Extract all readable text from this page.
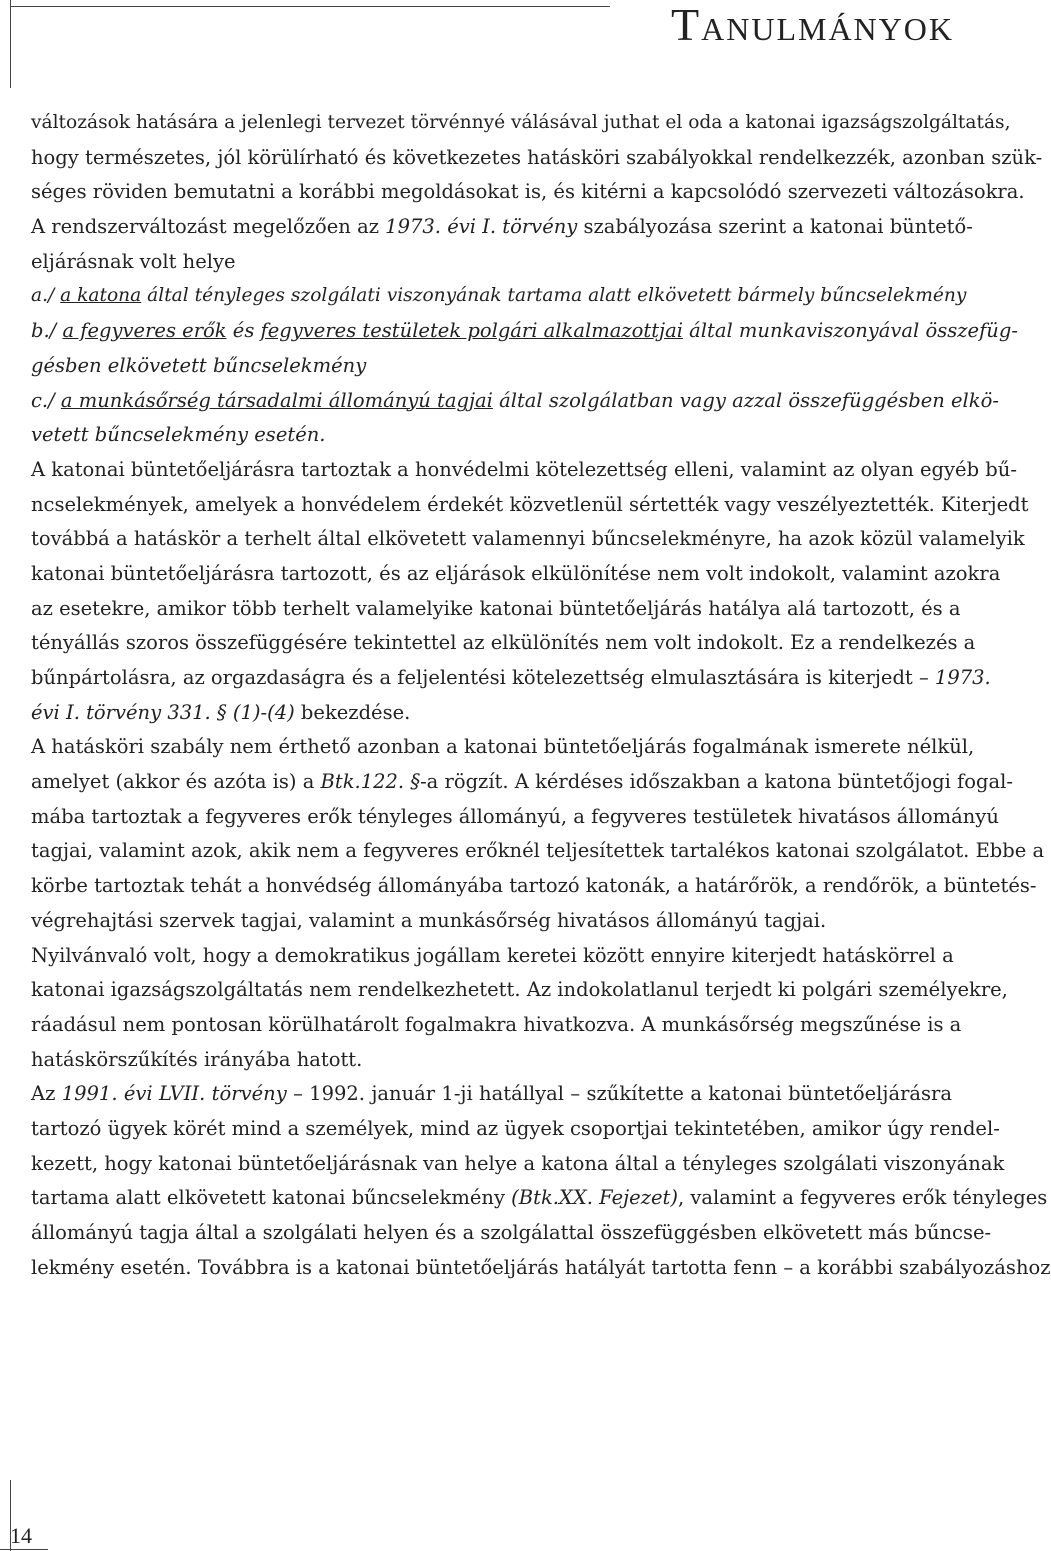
Tanulmányok
változások hatására a jelenlegi tervezet törvénnyé válásával juthat el oda a katonai igazságszolgáltatás,
hogy természetes, jól körülírható és következetes hatásköri szabályokkal rendelkezzék, azonban szük-
séges röviden bemutatni a korábbi megoldásokat is, és kitérni a kapcsolódó szervezeti változásokra.
A rendszerváltozást megelőzően az 1973. évi I. törvény szabályozása szerint a katonai büntető-
eljárásnak volt helye
a./ a katona által tényleges szolgálati viszonyának tartama alatt elkövetett bármely bűncselekmény
b./ a fegyveres erők és fegyveres testületek polgári alkalmazottjai által munkaviszonyával összefüg-
gésben elkövetett bűncselekmény
c./ a munkásőrség társadalmi állományú tagjai által szolgálatban vagy azzal összefüggésben elkö-
vetett bűncselekmény esetén.
A katonai büntetőeljárásra tartoztak a honvédelmi kötelezettség elleni, valamint az olyan egyéb bű-
ncselekmények, amelyek a honvédelem érdekét közvetlenül sértették vagy veszélyeztették. Kiterjedt
továbbá a hatáskör a terhelt által elkövetett valamennyi bűncselekményre, ha azok közül valamelyik
katonai büntetőeljárásra tartozott, és az eljárások elkülönítése nem volt indokolt, valamint azokra
az esetekre, amikor több terhelt valamelyike katonai büntetőeljárás hatálya alá tartozott, és a
tényállás szoros összefüggésére tekintettel az elkülönítés nem volt indokolt. Ez a rendelkezés a
bűnpártolásra, az orgazdaságra és a feljelentési kötelezettség elmulasztására is kiterjedt – 1973.
évi I. törvény 331. § (1)-(4) bekezdése.
A hatásköri szabály nem érthető azonban a katonai büntetőeljárás fogalmának ismerete nélkül,
amelyet (akkor és azóta is) a Btk.122. §-a rögzít. A kérdéses időszakban a katona büntetőjogi fogal-
mába tartoztak a fegyveres erők tényleges állományú, a fegyveres testületek hivatásos állományú
tagjai, valamint azok, akik nem a fegyveres erőknél teljesítettek tartalékos katonai szolgálatot. Ebbe a
körbe tartoztak tehát a honvédség állományába tartozó katonák, a határőrök, a rendőrök, a büntetés-
végrehajtási szervek tagjai, valamint a munkásőrség hivatásos állományú tagjai.
Nyilvánvaló volt, hogy a demokratikus jogállam keretei között ennyire kiterjedt hatáskörrel a
katonai igazságszolgáltatás nem rendelkezhetett. Az indokolatlanul terjedt ki polgári személyekre,
ráadásul nem pontosan körülhatárolt fogalmakra hivatkozva. A munkásőrség megszűnése is a
hatáskörszűkítés irányába hatott.
Az 1991. évi LVII. törvény – 1992. január 1-ji hatállyal – szűkítette a katonai büntetőeljárásra
tartozó ügyek körét mind a személyek, mind az ügyek csoportjai tekintetében, amikor úgy rendel-
kezett, hogy katonai büntetőeljárásnak van helye a katona által a tényleges szolgálati viszonyának
tartama alatt elkövetett katonai bűncselekmény (Btk.XX. Fejezet), valamint a fegyveres erők tényleges
állományú tagja által a szolgálati helyen és a szolgálattal összefüggésben elkövetett más bűncse-
lekmény esetén. Továbbra is a katonai büntetőeljárás hatályát tartotta fenn – a korábbi szabályozáshoz
14
